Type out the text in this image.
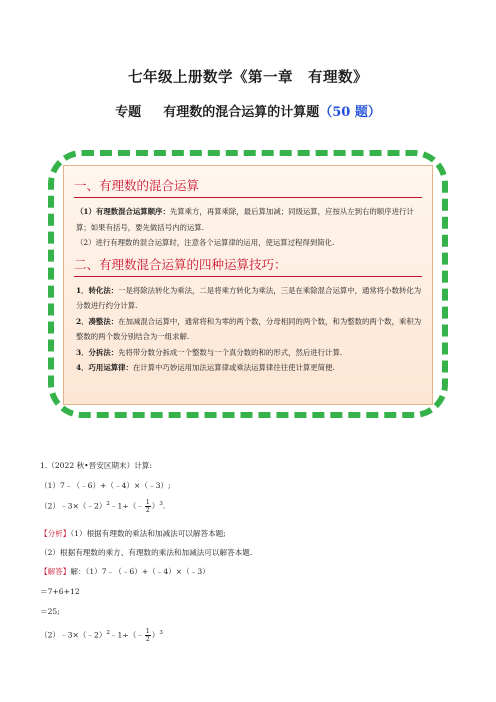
七年级上册数学《第一章　有理数》
专题 有理数的混合运算的计算题（50 题）
一、有理数的混合运算

（1）有理数混合运算顺序：先算乘方，再算乘除，最后算加减；同级运算，应按从左到右的顺序进行计算；如果有括号，要先做括号内的运算.

（2）进行有理数的混合运算时，注意各个运算律的运用，使运算过程得到简化.

二、有理数混合运算的四种运算技巧：

1．转化法：一是将除法转化为乘法，二是将乘方转化为乘法，三是在乘除混合运算中，通常将小数转化为分数进行约分计算.

2．凑整法：在加减混合运算中，通常将和为零的两个数，分母相同的两个数，和为整数的两个数，乘积为整数的两个数分别结合为一组求解.

3．分拆法：先将带分数分拆成一个整数与一个真分数的和的形式，然后进行计算.

4．巧用运算律：在计算中巧妙运用加法运算律或乘法运算律往往使计算更简便.

1.（2022 秋•晋安区期末）计算:
（1）7﹣（﹣6）+（﹣4）×（﹣3）;
（2）﹣3×（﹣2）$^2$﹣1÷（﹣ $\frac{1}{2} )^3$.
【分析】（1）根据有理数的乘法和加减法可以解答本题;
（2）根据有理数的乘方、有理数的乘法和加减法可以解答本题.
【解答】解：（1）7﹣（﹣6）+（﹣4）×（﹣3）
＝7+6+12
＝25;
（2）﹣3×（﹣2）$^2$﹣1÷（﹣ $\frac{1}{2} )^3$
